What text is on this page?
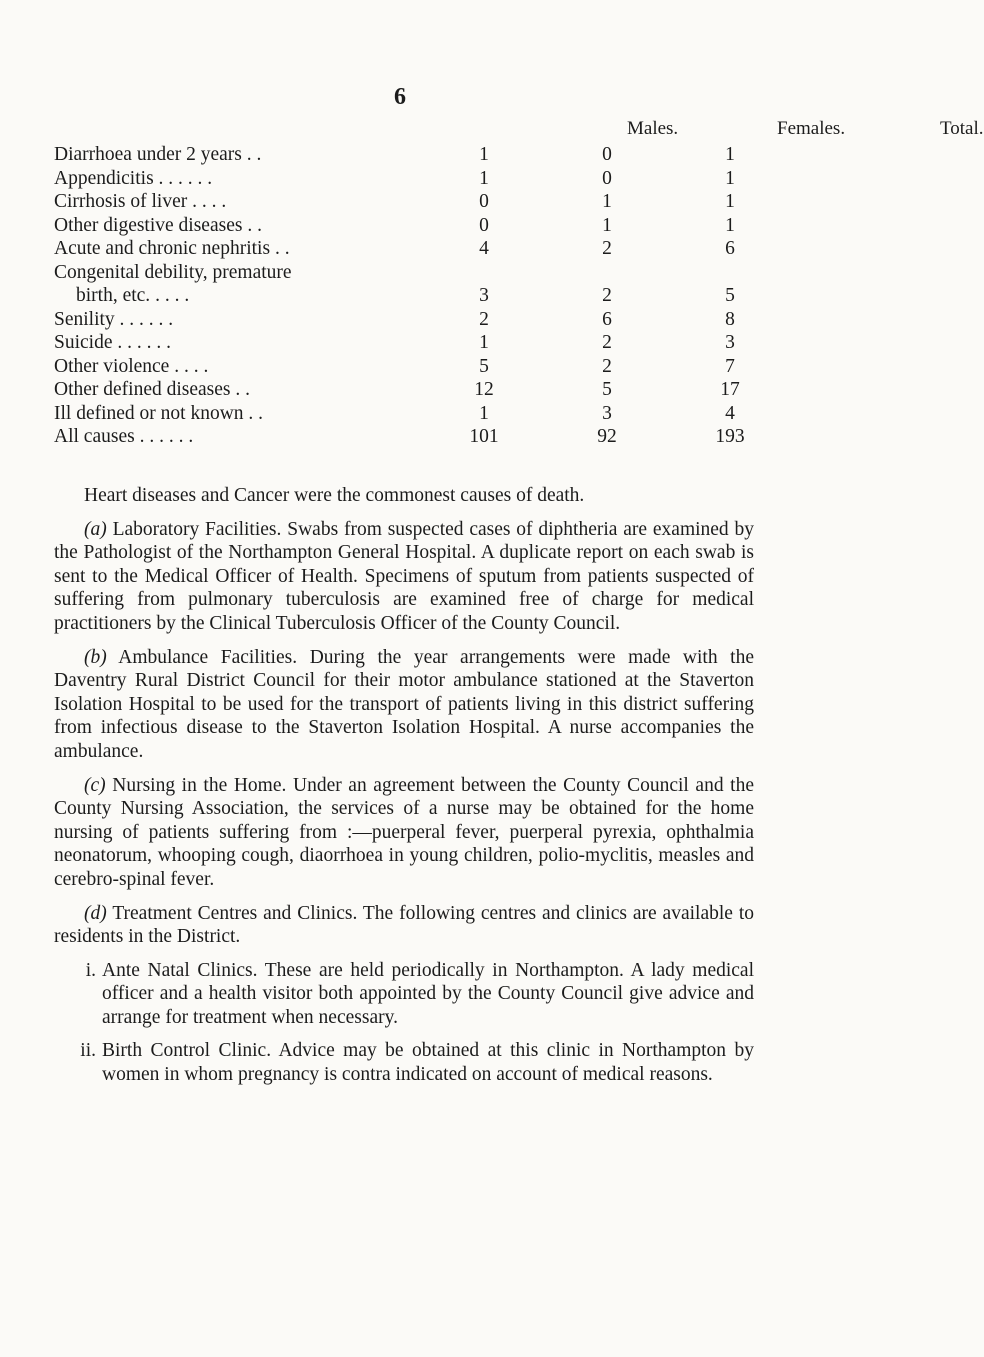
6
Males.	Females.	Total.
Diarrhoea under 2 years . .	1	0	1
Appendicitis . . . . . .	1	0	1
Cirrhosis of liver . . . .	0	1	1
Other digestive diseases . .	0	1	1
Acute and chronic nephritis . .	4	2	6
Congenital debility, premature
birth, etc. . . . .	3	2	5
Senility . . . . . .	2	6	8
Suicide . . . . . .	1	2	3
Other violence . . . .	5	2	7
Other defined diseases . .	12	5	17
Ill defined or not known . .	1	3	4
All causes . . . . . .	101	92	193

Heart diseases and Cancer were the commonest causes of death.

(a) Laboratory Facilities. Swabs from suspected cases of diphtheria are examined by the Pathologist of the Northampton General Hospital. A duplicate report on each swab is sent to the Medical Officer of Health. Specimens of sputum from patients suspected of suffering from pulmonary tuberculosis are examined free of charge for medical practitioners by the Clinical Tuberculosis Officer of the County Council.

(b) Ambulance Facilities. During the year arrangements were made with the Daventry Rural District Council for their motor ambulance stationed at the Staverton Isolation Hospital to be used for the transport of patients living in this district suffering from infectious disease to the Staverton Isolation Hospital. A nurse accompanies the ambulance.

(c) Nursing in the Home. Under an agreement between the County Council and the County Nursing Association, the services of a nurse may be obtained for the home nursing of patients suffering from :—puerperal fever, puerperal pyrexia, ophthalmia neonatorum, whooping cough, diaorrhoea in young children, polio-myclitis, measles and cerebro-spinal fever.

(d) Treatment Centres and Clinics. The following centres and clinics are available to residents in the District.

i. Ante Natal Clinics. These are held periodically in Northampton. A lady medical officer and a health visitor both appointed by the County Council give advice and arrange for treatment when necessary.
ii. Birth Control Clinic. Advice may be obtained at this clinic in Northampton by women in whom pregnancy is contra indicated on account of medical reasons.
